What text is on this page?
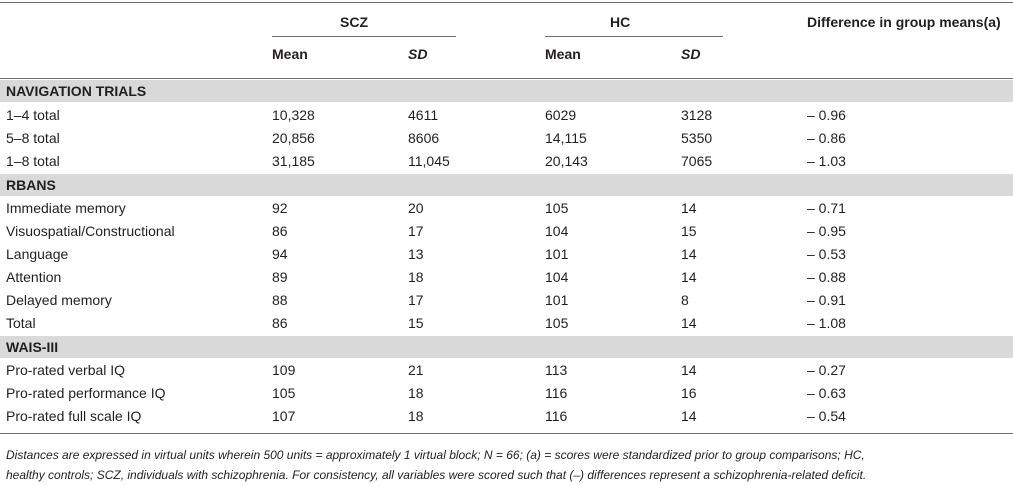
SCZ	HC	Difference in group means(a)
Mean	SD	Mean	SD
NAVIGATION TRIALS
1–4 total	10,328	4611	6029	3128	– 0.96
5–8 total	20,856	8606	14,115	5350	– 0.86
1–8 total	31,185	11,045	20,143	7065	– 1.03
RBANS
Immediate memory	92	20	105	14	– 0.71
Visuospatial/Constructional	86	17	104	15	– 0.95
Language	94	13	101	14	– 0.53
Attention	89	18	104	14	– 0.88
Delayed memory	88	17	101	8	– 0.91
Total	86	15	105	14	– 1.08
WAIS-III
Pro-rated verbal IQ	109	21	113	14	– 0.27
Pro-rated performance IQ	105	18	116	16	– 0.63
Pro-rated full scale IQ	107	18	116	14	– 0.54
Distances are expressed in virtual units wherein 500 units = approximately 1 virtual block; N = 66; (a) = scores were standardized prior to group comparisons; HC,
healthy controls; SCZ, individuals with schizophrenia. For consistency, all variables were scored such that (–) differences represent a schizophrenia-related deficit.
